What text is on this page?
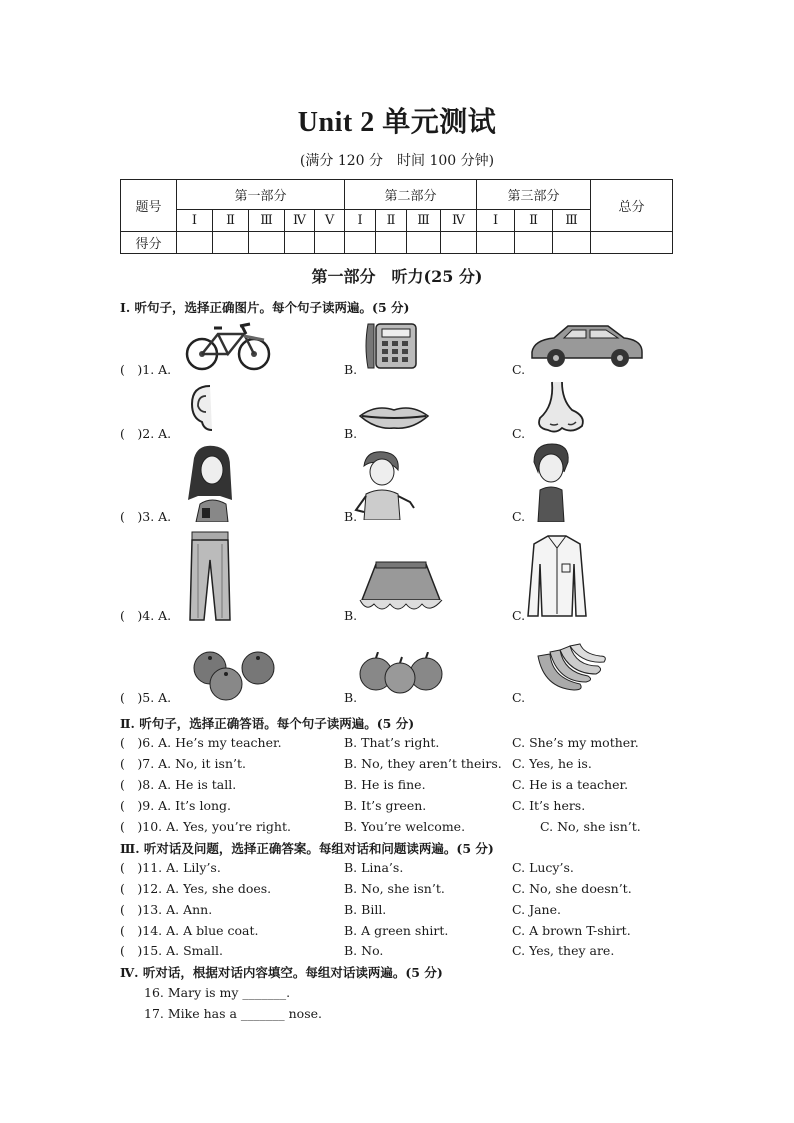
Unit 2 单元测试
(满分 120 分　时间 100 分钟)
题号	第一部分					第二部分				第三部分			总分
	Ⅰ	Ⅱ	Ⅲ	Ⅳ	Ⅴ	Ⅰ	Ⅱ	Ⅲ	Ⅳ	Ⅰ	Ⅱ	Ⅲ	
得分													
第一部分　听力(25 分)
Ⅰ. 听句子，选择正确图片。每个句子读两遍。(5 分)
(　)1. A.	B.	C.
(　)2. A.	B.	C.
(　)3. A.	B.	C.
(　)4. A.	B.	C.
(　)5. A.	B.	C.
Ⅱ. 听句子，选择正确答语。每个句子读两遍。(5 分)
(　)6. A. He’s my teacher.	B. That’s right.	C. She’s my mother.
(　)7. A. No, it isn’t.	B. No, they aren’t theirs. C. Yes, he is.
(　)8. A. He is tall.	B. He is fine.	C. He is a teacher.
(　)9. A. It’s long.	B. It’s green.	C. It’s hers.
(　)10. A. Yes, you’re right.	B. You’re welcome.	C. No, she isn’t.
Ⅲ. 听对话及问题，选择正确答案。每组对话和问题读两遍。(5 分)
(　)11. A. Lily’s.	B. Lina’s.	C. Lucy’s.
(　)12. A. Yes, she does.	B. No, she isn’t.	C. No, she doesn’t.
(　)13. A. Ann.	B. Bill.	C. Jane.
(　)14. A. A blue coat.	B. A green shirt.	C. A brown T-shirt.
(　)15. A. Small.	B. No.	C. Yes, they are.
Ⅳ. 听对话，根据对话内容填空。每组对话读两遍。(5 分)
16. Mary is my _______.
17. Mike has a _______ nose.
